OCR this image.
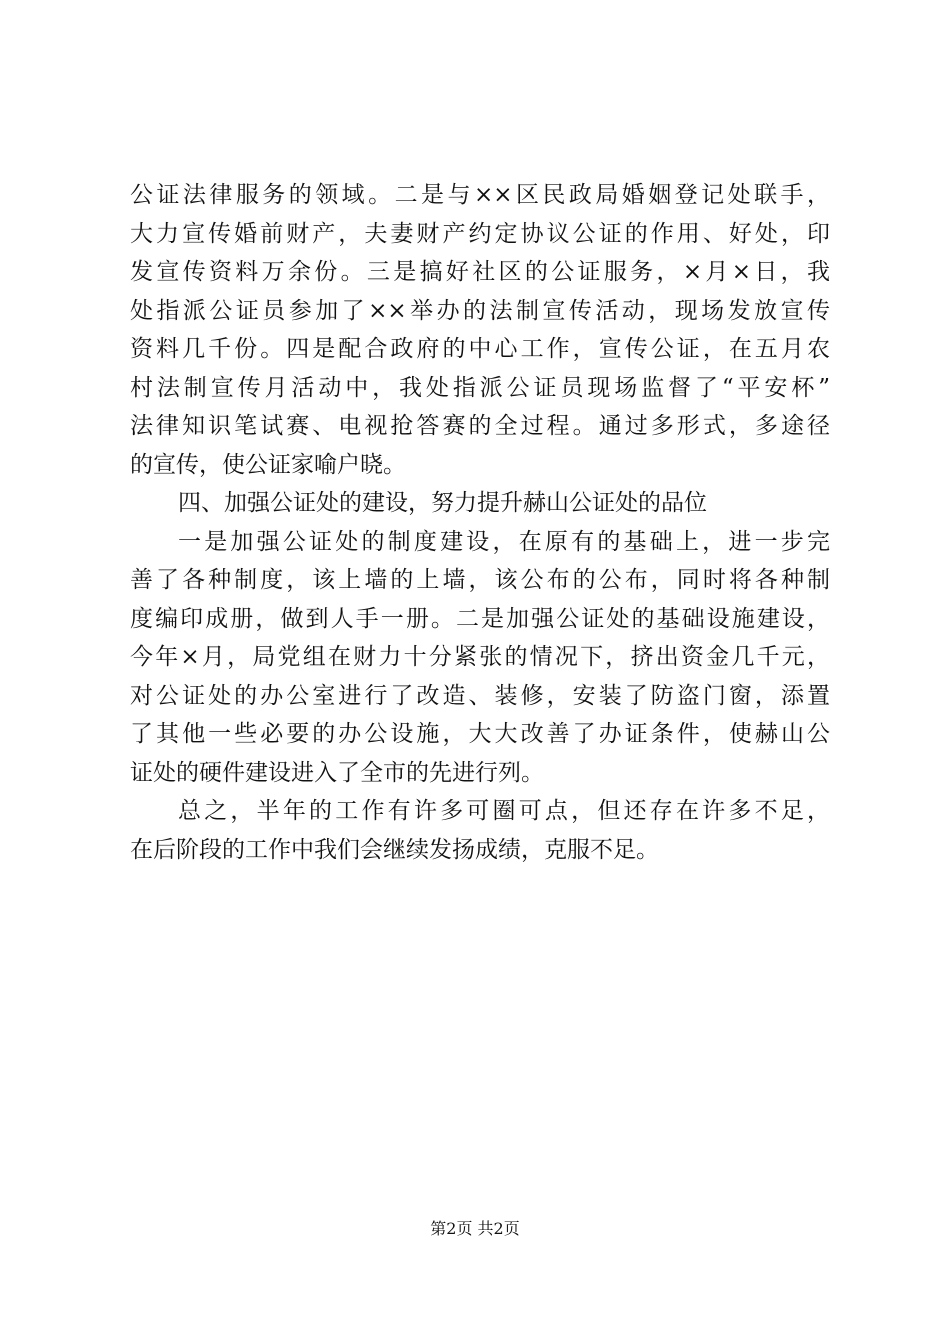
公证法律服务的领域。二是与××区民政局婚姻登记处联手，
大力宣传婚前财产，夫妻财产约定协议公证的作用、好处，印
发宣传资料万余份。三是搞好社区的公证服务，×月×日，我
处指派公证员参加了××举办的法制宣传活动，现场发放宣传
资料几千份。四是配合政府的中心工作，宣传公证，在五月农
村法制宣传月活动中，我处指派公证员现场监督了“平安杯”
法律知识笔试赛、电视抢答赛的全过程。通过多形式，多途径
的宣传，使公证家喻户晓。
四、加强公证处的建设，努力提升赫山公证处的品位
一是加强公证处的制度建设，在原有的基础上，进一步完
善了各种制度，该上墙的上墙，该公布的公布，同时将各种制
度编印成册，做到人手一册。二是加强公证处的基础设施建设，
今年×月，局党组在财力十分紧张的情况下，挤出资金几千元，
对公证处的办公室进行了改造、装修，安装了防盗门窗，添置
了其他一些必要的办公设施，大大改善了办证条件，使赫山公
证处的硬件建设进入了全市的先进行列。
总之，半年的工作有许多可圈可点，但还存在许多不足，
在后阶段的工作中我们会继续发扬成绩，克服不足。
第2页 共2页
